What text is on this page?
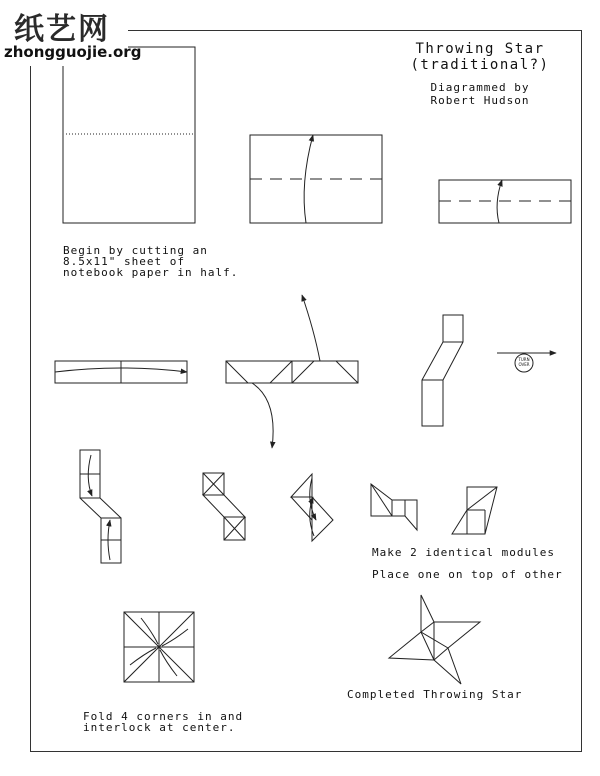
纸艺网
zhongguojie.org	Throwing Star
(traditional?)
Diagrammed by
Robert Hudson
Begin by cutting an
8.5x11" sheet of
notebook paper in half.
TURN OVER
Make 2 identical modules
Place one on top of other
Completed Throwing Star
Fold 4 corners in and
interlock at center.
